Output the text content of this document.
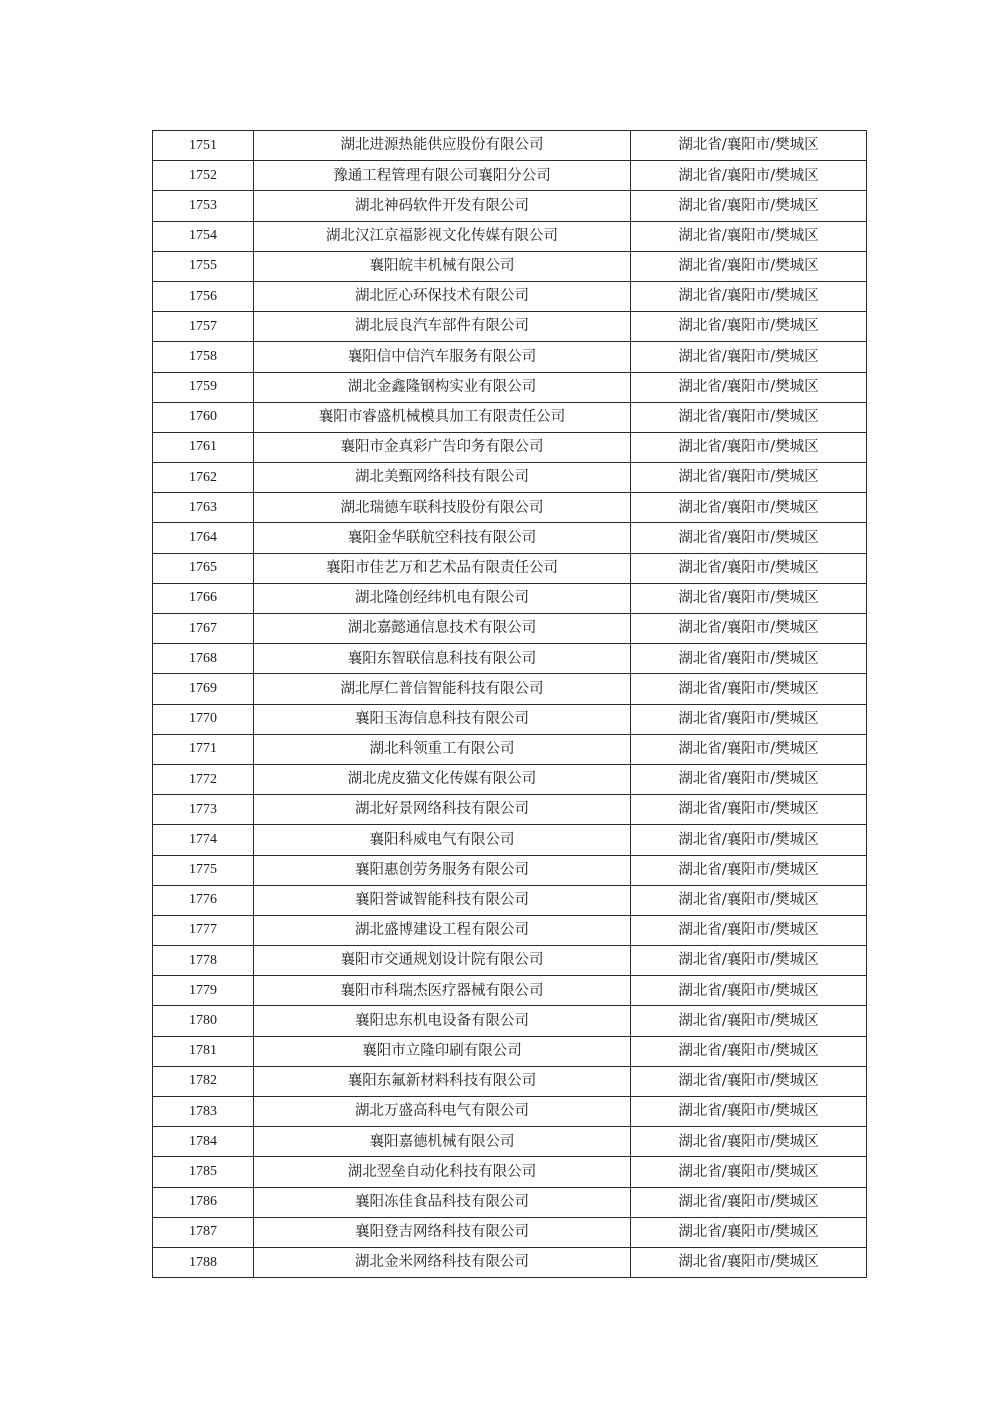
1751	湖北进源热能供应股份有限公司	湖北省/襄阳市/樊城区
1752	豫通工程管理有限公司襄阳分公司	湖北省/襄阳市/樊城区
1753	湖北神码软件开发有限公司	湖北省/襄阳市/樊城区
1754	湖北汉江京福影视文化传媒有限公司	湖北省/襄阳市/樊城区
1755	襄阳皖丰机械有限公司	湖北省/襄阳市/樊城区
1756	湖北匠心环保技术有限公司	湖北省/襄阳市/樊城区
1757	湖北辰良汽车部件有限公司	湖北省/襄阳市/樊城区
1758	襄阳信中信汽车服务有限公司	湖北省/襄阳市/樊城区
1759	湖北金鑫隆钢构实业有限公司	湖北省/襄阳市/樊城区
1760	襄阳市睿盛机械模具加工有限责任公司	湖北省/襄阳市/樊城区
1761	襄阳市金真彩广告印务有限公司	湖北省/襄阳市/樊城区
1762	湖北美甄网络科技有限公司	湖北省/襄阳市/樊城区
1763	湖北瑞德车联科技股份有限公司	湖北省/襄阳市/樊城区
1764	襄阳金华联航空科技有限公司	湖北省/襄阳市/樊城区
1765	襄阳市佳艺万和艺术品有限责任公司	湖北省/襄阳市/樊城区
1766	湖北隆创经纬机电有限公司	湖北省/襄阳市/樊城区
1767	湖北嘉懿通信息技术有限公司	湖北省/襄阳市/樊城区
1768	襄阳东智联信息科技有限公司	湖北省/襄阳市/樊城区
1769	湖北厚仁普信智能科技有限公司	湖北省/襄阳市/樊城区
1770	襄阳玉海信息科技有限公司	湖北省/襄阳市/樊城区
1771	湖北科领重工有限公司	湖北省/襄阳市/樊城区
1772	湖北虎皮猫文化传媒有限公司	湖北省/襄阳市/樊城区
1773	湖北好景网络科技有限公司	湖北省/襄阳市/樊城区
1774	襄阳科威电气有限公司	湖北省/襄阳市/樊城区
1775	襄阳惠创劳务服务有限公司	湖北省/襄阳市/樊城区
1776	襄阳誉诚智能科技有限公司	湖北省/襄阳市/樊城区
1777	湖北盛博建设工程有限公司	湖北省/襄阳市/樊城区
1778	襄阳市交通规划设计院有限公司	湖北省/襄阳市/樊城区
1779	襄阳市科瑞杰医疗器械有限公司	湖北省/襄阳市/樊城区
1780	襄阳忠东机电设备有限公司	湖北省/襄阳市/樊城区
1781	襄阳市立隆印刷有限公司	湖北省/襄阳市/樊城区
1782	襄阳东氟新材料科技有限公司	湖北省/襄阳市/樊城区
1783	湖北万盛高科电气有限公司	湖北省/襄阳市/樊城区
1784	襄阳嘉德机械有限公司	湖北省/襄阳市/樊城区
1785	湖北翌垒自动化科技有限公司	湖北省/襄阳市/樊城区
1786	襄阳冻佳食品科技有限公司	湖北省/襄阳市/樊城区
1787	襄阳登吉网络科技有限公司	湖北省/襄阳市/樊城区
1788	湖北金米网络科技有限公司	湖北省/襄阳市/樊城区
